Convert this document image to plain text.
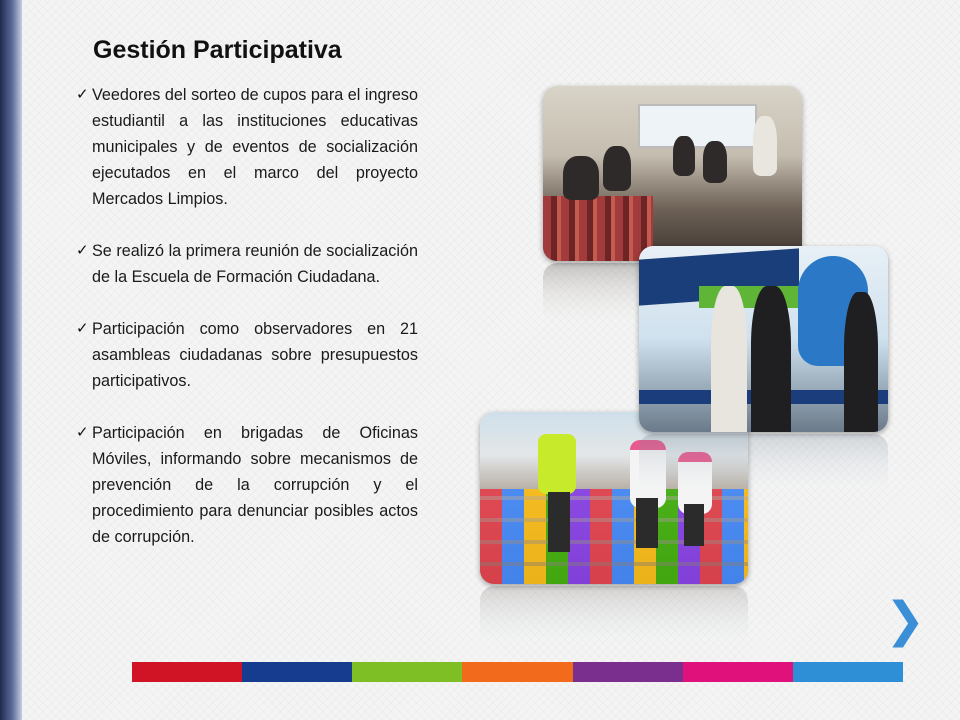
Gestión Participativa
✓ Veedores del sorteo de cupos para el ingreso estudiantil a las instituciones educativas municipales y de eventos de socialización ejecutados en el marco del proyecto Mercados Limpios.
✓ Se realizó la primera reunión de socialización de la Escuela de Formación Ciudadana.
✓ Participación como observadores en 21 asambleas ciudadanas sobre presupuestos participativos.
✓ Participación en brigadas de Oficinas Móviles, informando sobre mecanismos de prevención de la corrupción y el procedimiento para denunciar posibles actos de corrupción.
❯
